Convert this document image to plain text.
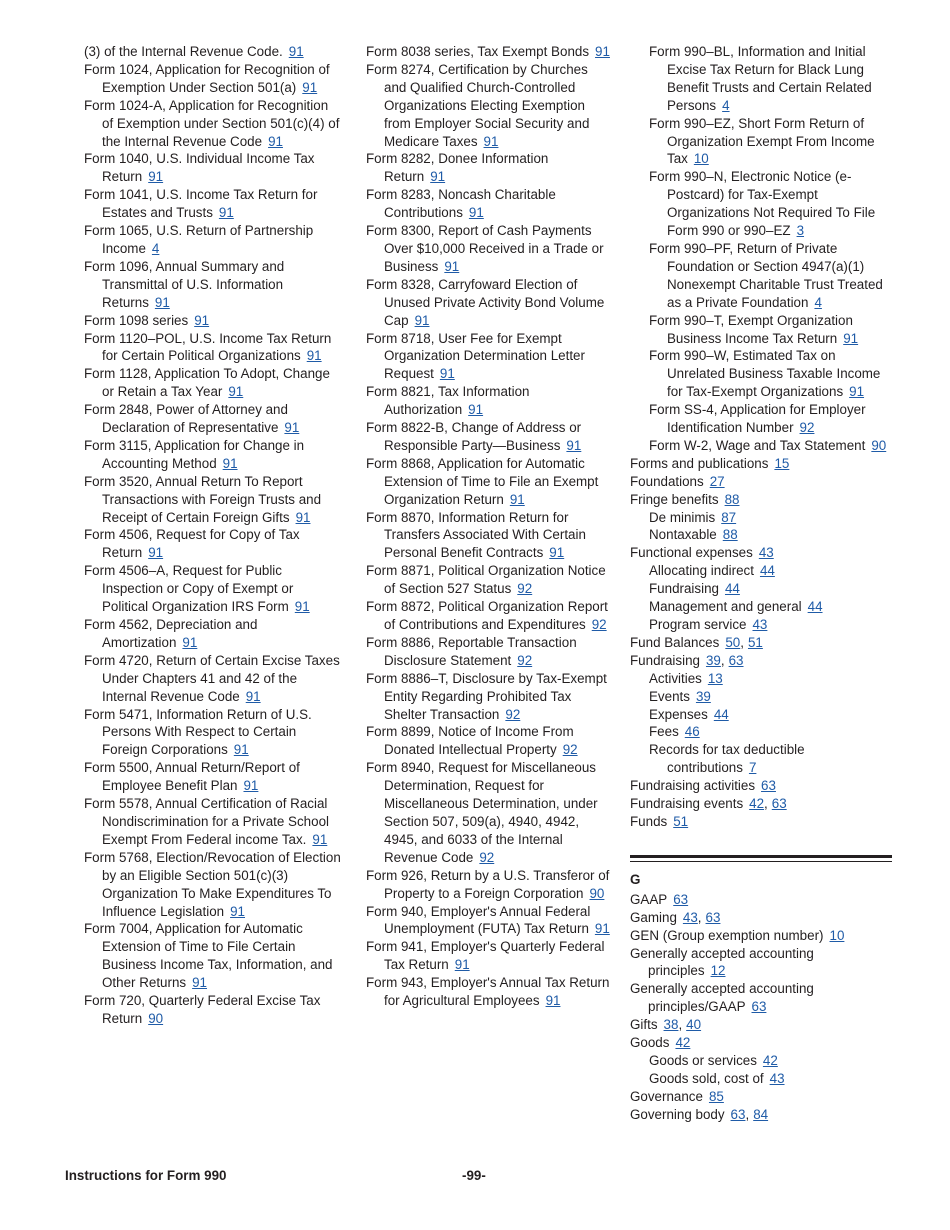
(3) of the Internal Revenue Code. 91
Form 1024, Application for Recognition of Exemption Under Section 501(a) 91
Form 1024-A, Application for Recognition of Exemption under Section 501(c)(4) of the Internal Revenue Code 91
Form 1040, U.S. Individual Income Tax Return 91
Form 1041, U.S. Income Tax Return for Estates and Trusts 91
Form 1065, U.S. Return of Partnership Income 4
Form 1096, Annual Summary and Transmittal of U.S. Information Returns 91
Form 1098 series 91
Form 1120–POL, U.S. Income Tax Return for Certain Political Organizations 91
Form 1128, Application To Adopt, Change or Retain a Tax Year 91
Form 2848, Power of Attorney and Declaration of Representative 91
Form 3115, Application for Change in Accounting Method 91
Form 3520, Annual Return To Report Transactions with Foreign Trusts and Receipt of Certain Foreign Gifts 91
Form 4506, Request for Copy of Tax Return 91
Form 4506–A, Request for Public Inspection or Copy of Exempt or Political Organization IRS Form 91
Form 4562, Depreciation and Amortization 91
Form 4720, Return of Certain Excise Taxes Under Chapters 41 and 42 of the Internal Revenue Code 91
Form 5471, Information Return of U.S. Persons With Respect to Certain Foreign Corporations 91
Form 5500, Annual Return/Report of Employee Benefit Plan 91
Form 5578, Annual Certification of Racial Nondiscrimination for a Private School Exempt From Federal income Tax. 91
Form 5768, Election/Revocation of Election by an Eligible Section 501(c)(3) Organization To Make Expenditures To Influence Legislation 91
Form 7004, Application for Automatic Extension of Time to File Certain Business Income Tax, Information, and Other Returns 91
Form 720, Quarterly Federal Excise Tax Return 90
Form 8038 series, Tax Exempt Bonds 91
Form 8274, Certification by Churches and Qualified Church-Controlled Organizations Electing Exemption from Employer Social Security and Medicare Taxes 91
Form 8282, Donee Information Return 91
Form 8283, Noncash Charitable Contributions 91
Form 8300, Report of Cash Payments Over $10,000 Received in a Trade or Business 91
Form 8328, Carryfoward Election of Unused Private Activity Bond Volume Cap 91
Form 8718, User Fee for Exempt Organization Determination Letter Request 91
Form 8821, Tax Information Authorization 91
Form 8822-B, Change of Address or Responsible Party—Business 91
Form 8868, Application for Automatic Extension of Time to File an Exempt Organization Return 91
Form 8870, Information Return for Transfers Associated With Certain Personal Benefit Contracts 91
Form 8871, Political Organization Notice of Section 527 Status 92
Form 8872, Political Organization Report of Contributions and Expenditures 92
Form 8886, Reportable Transaction Disclosure Statement 92
Form 8886–T, Disclosure by Tax-Exempt Entity Regarding Prohibited Tax Shelter Transaction 92
Form 8899, Notice of Income From Donated Intellectual Property 92
Form 8940, Request for Miscellaneous Determination, Request for Miscellaneous Determination, under Section 507, 509(a), 4940, 4942, 4945, and 6033 of the Internal Revenue Code 92
Form 926, Return by a U.S. Transferor of Property to a Foreign Corporation 90
Form 940, Employer's Annual Federal Unemployment (FUTA) Tax Return 91
Form 941, Employer's Quarterly Federal Tax Return 91
Form 943, Employer's Annual Tax Return for Agricultural Employees 91
Form 990–BL, Information and Initial Excise Tax Return for Black Lung Benefit Trusts and Certain Related Persons 4
Form 990–EZ, Short Form Return of Organization Exempt From Income Tax 10
Form 990–N, Electronic Notice (e-Postcard) for Tax-Exempt Organizations Not Required To File Form 990 or 990–EZ 3
Form 990–PF, Return of Private Foundation or Section 4947(a)(1) Nonexempt Charitable Trust Treated as a Private Foundation 4
Form 990–T, Exempt Organization Business Income Tax Return 91
Form 990–W, Estimated Tax on Unrelated Business Taxable Income for Tax-Exempt Organizations 91
Form SS-4, Application for Employer Identification Number 92
Form W-2, Wage and Tax Statement 90
Forms and publications 15
Foundations 27
Fringe benefits 88
De minimis 87
Nontaxable 88
Functional expenses 43
Allocating indirect 44
Fundraising 44
Management and general 44
Program service 43
Fund Balances 50, 51
Fundraising 39, 63
Activities 13
Events 39
Expenses 44
Fees 46
Records for tax deductible contributions 7
Fundraising activities 63
Fundraising events 42, 63
Funds 51
G
GAAP 63
Gaming 43, 63
GEN (Group exemption number) 10
Generally accepted accounting principles 12
Generally accepted accounting principles/GAAP 63
Gifts 38, 40
Goods 42
Goods or services 42
Goods sold, cost of 43
Governance 85
Governing body 63, 84
Instructions for Form 990	-99-
